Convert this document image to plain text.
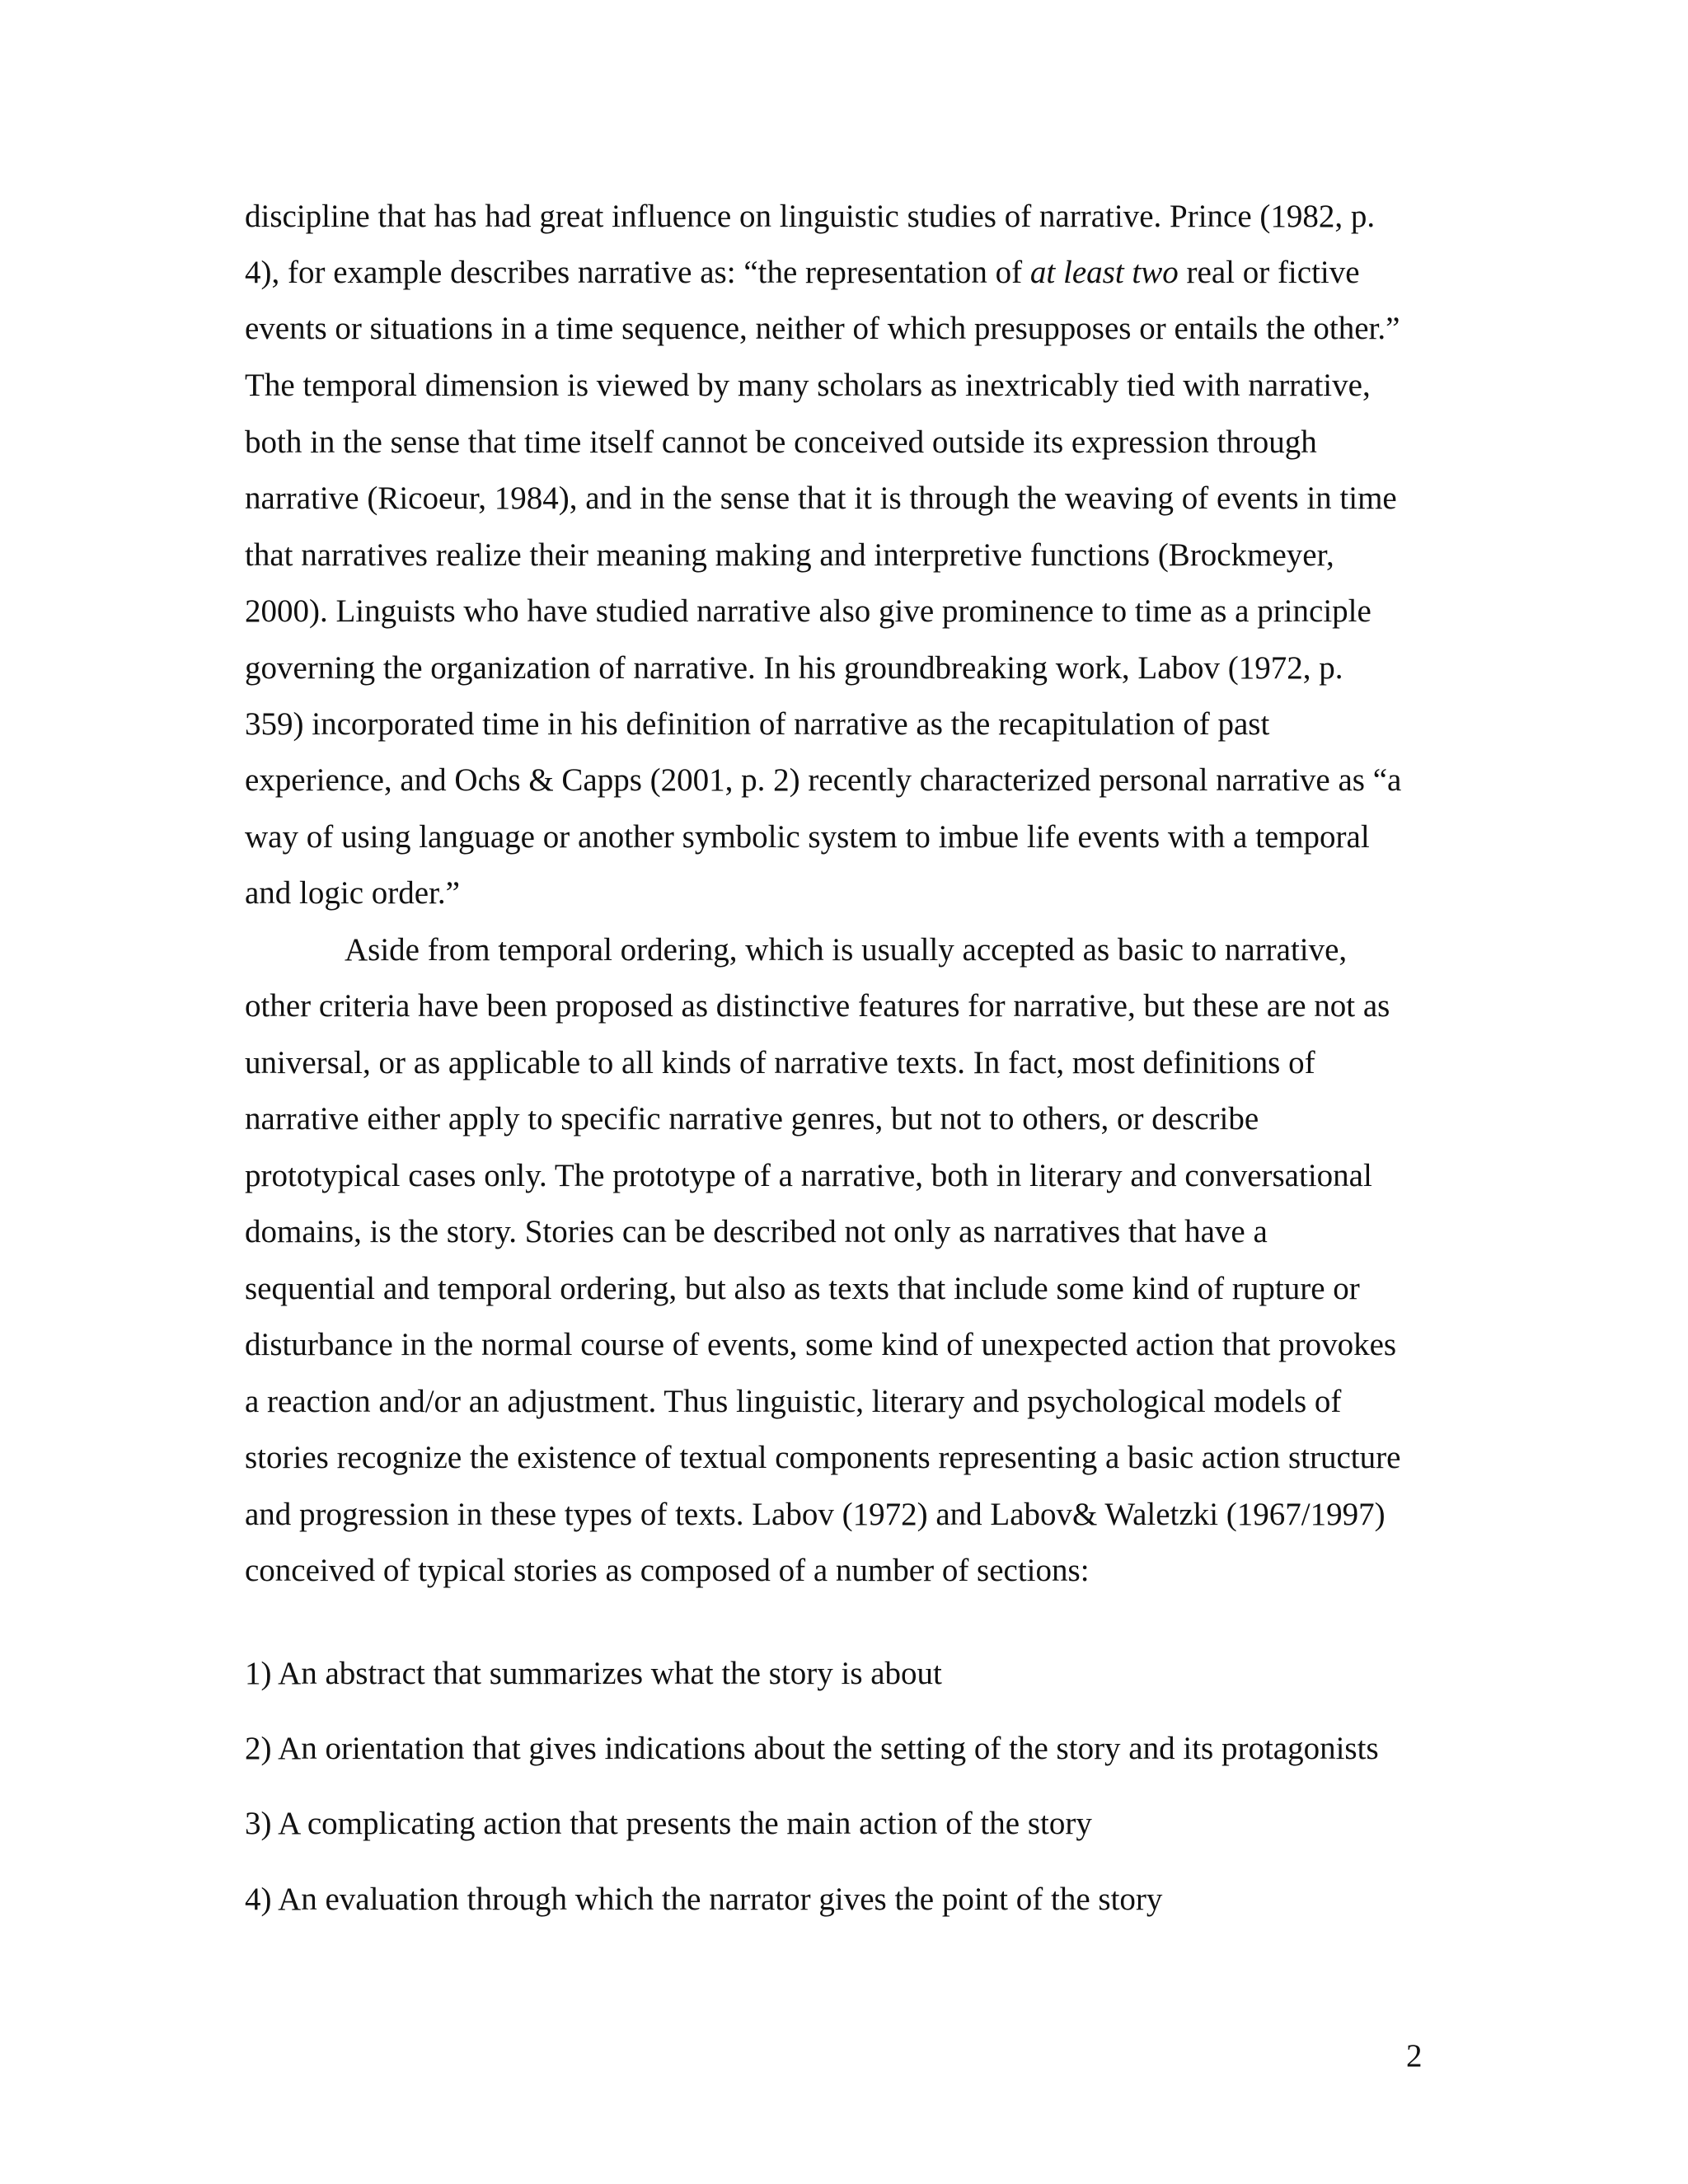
discipline that has had great influence on linguistic studies of narrative. Prince (1982, p.

4), for example describes narrative as: “the representation of at least two real or fictive

events or situations in a time sequence, neither of which presupposes or entails the other.”

The temporal dimension is viewed by many scholars as inextricably tied with narrative,

both in the sense that time itself cannot be conceived outside its expression through

narrative (Ricoeur, 1984), and in the sense that it is through the weaving of events in time

that narratives realize their meaning making and interpretive functions (Brockmeyer,

2000). Linguists who have studied narrative also give prominence to time as a principle

governing the organization of narrative. In his groundbreaking work, Labov (1972, p.

359) incorporated time in his definition of narrative as the recapitulation of past

experience, and Ochs & Capps (2001, p. 2) recently characterized personal narrative as “a

way of using language or another symbolic system to imbue life events with a temporal

and logic order.”

Aside from temporal ordering, which is usually accepted as basic to narrative,

other criteria have been proposed as distinctive features for narrative, but these are not as

universal, or as applicable to all kinds of narrative texts. In fact, most definitions of

narrative either apply to specific narrative genres, but not to others, or describe

prototypical cases only. The prototype of a narrative, both in literary and conversational

domains, is the story. Stories can be described not only as narratives that have a

sequential and temporal ordering, but also as texts that include some kind of rupture or

disturbance in the normal course of events, some kind of unexpected action that provokes

a reaction and/or an adjustment. Thus linguistic, literary and psychological models of

stories recognize the existence of textual components representing a basic action structure

and progression in these types of texts. Labov (1972) and Labov& Waletzki (1967/1997)

conceived of typical stories as composed of a number of sections:

1) An abstract that summarizes what the story is about

2) An orientation that gives indications about the setting of the story and its protagonists

3) A complicating action that presents the main action of the story

4) An evaluation through which the narrator gives the point of the story

2
